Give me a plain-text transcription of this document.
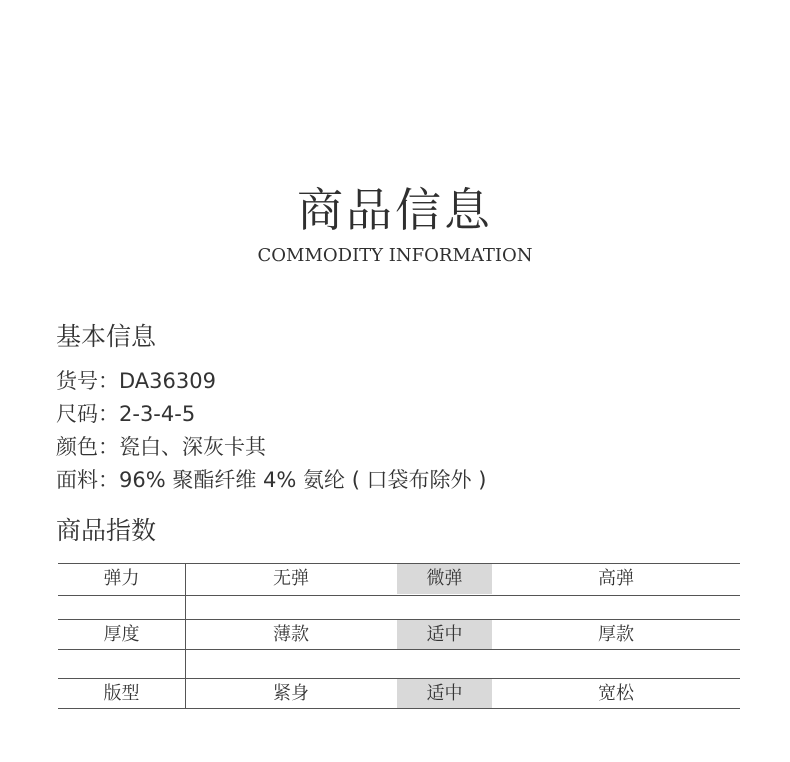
商品信息
COMMODITY INFORMATION
基本信息
货号：DA36309
尺码：2-3-4-5
颜色：瓷白、深灰卡其
面料：96% 聚酯纤维 4% 氨纶 ( 口袋布除外 )
商品指数
弹力	无弹	微弹	高弹
厚度	薄款	适中	厚款
版型	紧身	适中	宽松
